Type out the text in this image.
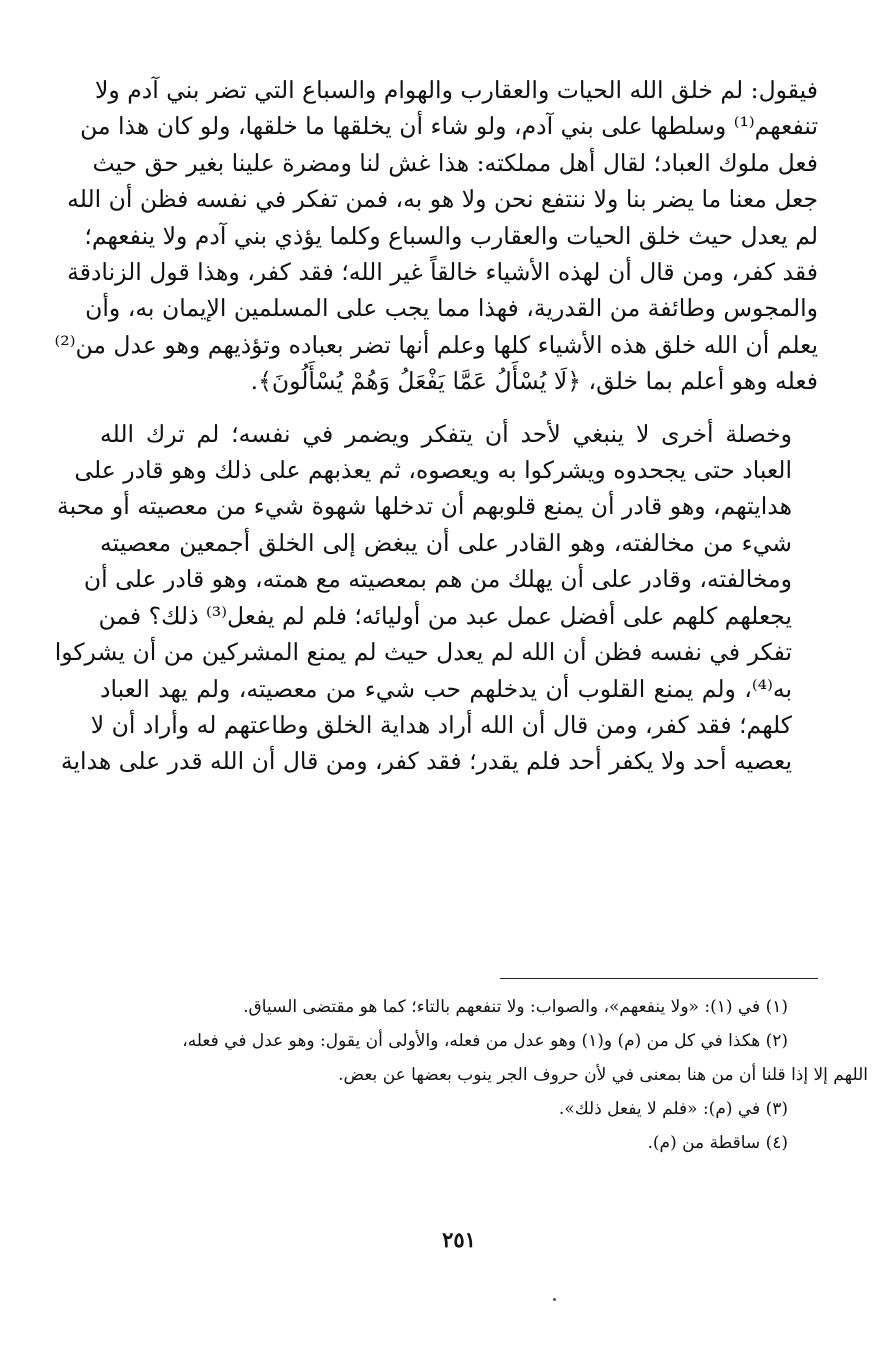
فيقول: لم خلق الله الحيات والعقارب والهوام والسباع التي تضر بني آدم ولا
تنفعهم⁽¹⁾ وسلطها على بني آدم، ولو شاء أن يخلقها ما خلقها، ولو كان هذا من
فعل ملوك العباد؛ لقال أهل مملكته: هذا غش لنا ومضرة علينا بغير حق حيث
جعل معنا ما يضر بنا ولا ننتفع نحن ولا هو به، فمن تفكر في نفسه فظن أن الله
لم يعدل حيث خلق الحيات والعقارب والسباع وكلما يؤذي بني آدم ولا ينفعهم؛
فقد كفر، ومن قال أن لهذه الأشياء خالقاً غير الله؛ فقد كفر، وهذا قول الزنادقة
والمجوس وطائفة من القدرية، فهذا مما يجب على المسلمين الإيمان به، وأن
يعلم أن الله خلق هذه الأشياء كلها وعلم أنها تضر بعباده وتؤذيهم وهو عدل من⁽²⁾
فعله وهو أعلم بما خلق، ﴿لَا يُسْأَلُ عَمَّا يَفْعَلُ وَهُمْ يُسْأَلُونَ﴾.

وخصلة أخرى لا ينبغي لأحد أن يتفكر ويضمر في نفسه؛ لم ترك الله
العباد حتى يجحدوه ويشركوا به ويعصوه، ثم يعذبهم على ذلك وهو قادر على
هدايتهم، وهو قادر أن يمنع قلوبهم أن تدخلها شهوة شيء من معصيته أو محبة
شيء من مخالفته، وهو القادر على أن يبغض إلى الخلق أجمعين معصيته
ومخالفته، وقادر على أن يهلك من هم بمعصيته مع همته، وهو قادر على أن
يجعلهم كلهم على أفضل عمل عبد من أوليائه؛ فلم لم يفعل⁽³⁾ ذلك؟ فمن
تفكر في نفسه فظن أن الله لم يعدل حيث لم يمنع المشركين من أن يشركوا
به⁽⁴⁾، ولم يمنع القلوب أن يدخلهم حب شيء من معصيته، ولم يهد العباد
كلهم؛ فقد كفر، ومن قال أن الله أراد هداية الخلق وطاعتهم له وأراد أن لا
يعصيه أحد ولا يكفر أحد فلم يقدر؛ فقد كفر، ومن قال أن الله قدر على هداية

(١) في (١): «ولا ينفعهم»، والصواب: ولا تنفعهم بالتاء؛ كما هو مقتضى السياق.
(٢) هكذا في كل من (م) و(١) وهو عدل من فعله، والأولى أن يقول: وهو عدل في فعله،
اللهم إلا إذا قلنا أن من هنا بمعنى في لأن حروف الجر ينوب بعضها عن بعض.
(٣) في (م): «فلم لا يفعل ذلك».
(٤) ساقطة من (م).
٢٥١
